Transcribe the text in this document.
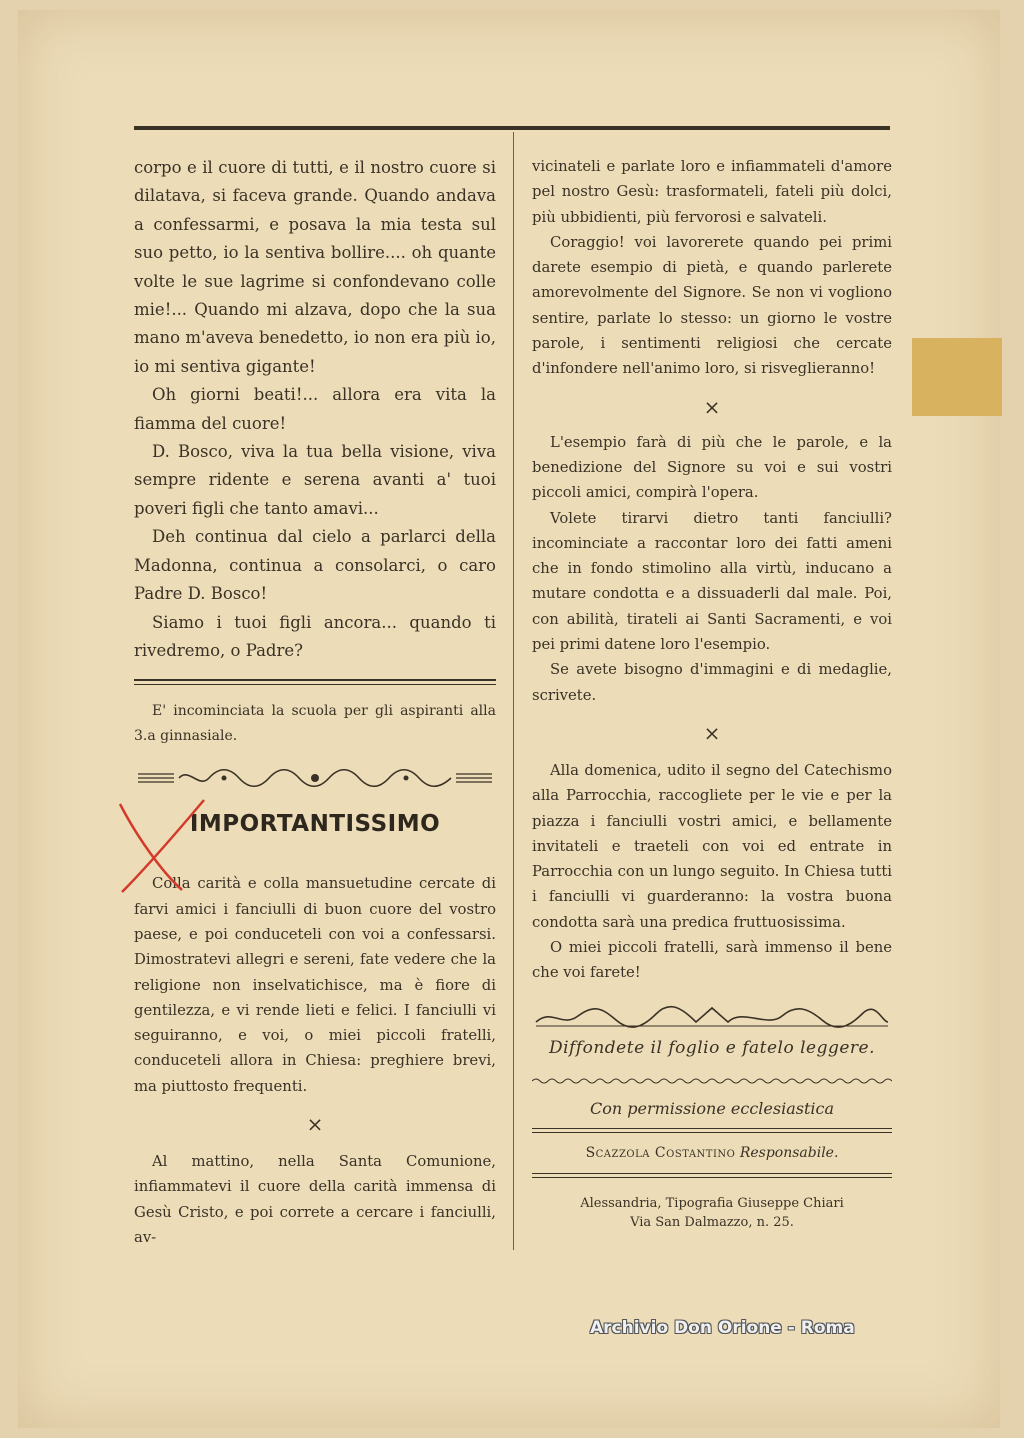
corpo e il cuore di tutti, e il nostro cuore si dilatava, si faceva grande. Quando andava a confessarmi, e posava la mia testa sul suo petto, io la sentiva bollire.... oh quante volte le sue lagrime si confondevano colle mie!... Quando mi alzava, dopo che la sua mano m'aveva benedetto, io non era più io, io mi sentiva gigante!

Oh giorni beati!... allora era vita la fiamma del cuore!

D. Bosco, viva la tua bella visione, viva sempre ridente e serena avanti a' tuoi poveri figli che tanto amavi...

Deh continua dal cielo a parlarci della Madonna, continua a consolarci, o caro Padre D. Bosco!

Siamo i tuoi figli ancora... quando ti rivedremo, o Padre?

E' incominciata la scuola per gli aspiranti alla 3.a ginnasiale.

IMPORTANTISSIMO

Colla carità e colla mansuetudine cercate di farvi amici i fanciulli di buon cuore del vostro paese, e poi conduceteli con voi a confessarsi. Dimostratevi allegri e sereni, fate vedere che la religione non inselvatichisce, ma è fiore di gentilezza, e vi rende lieti e felici. I fanciulli vi seguiranno, e voi, o miei piccoli fratelli, conduceteli allora in Chiesa: preghiere brevi, ma piuttosto frequenti.

×

Al mattino, nella Santa Comunione, infiammatevi il cuore della carità immensa di Gesù Cristo, e poi correte a cercare i fanciulli, av-

vicinateli e parlate loro e infiammateli d'amore pel nostro Gesù: trasformateli, fateli più dolci, più ubbidienti, più fervorosi e salvateli.

Coraggio! voi lavorerete quando pei primi darete esempio di pietà, e quando parlerete amorevolmente del Signore. Se non vi vogliono sentire, parlate lo stesso: un giorno le vostre parole, i sentimenti religiosi che cercate d'infondere nell'animo loro, si risveglieranno!

×

L'esempio farà di più che le parole, e la benedizione del Signore su voi e sui vostri piccoli amici, compirà l'opera.

Volete tirarvi dietro tanti fanciulli? incominciate a raccontar loro dei fatti ameni che in fondo stimolino alla virtù, inducano a mutare condotta e a dissuaderli dal male. Poi, con abilità, tirateli ai Santi Sacramenti, e voi pei primi datene loro l'esempio.

Se avete bisogno d'immagini e di medaglie, scrivete.

×

Alla domenica, udito il segno del Catechismo alla Parrocchia, raccogliete per le vie e per la piazza i fanciulli vostri amici, e bellamente invitateli e traeteli con voi ed entrate in Parrocchia con un lungo seguito. In Chiesa tutti i fanciulli vi guarderanno: la vostra buona condotta sarà una predica fruttuosissima.

O miei piccoli fratelli, sarà immenso il bene che voi farete!

Diffondete il foglio e fatelo leggere.
Con permissione ecclesiastica
Scazzola Costantino Responsabile.
Alessandria, Tipografia Giuseppe Chiari
Via San Dalmazzo, n. 25.
Archivio Don Orione - Roma
